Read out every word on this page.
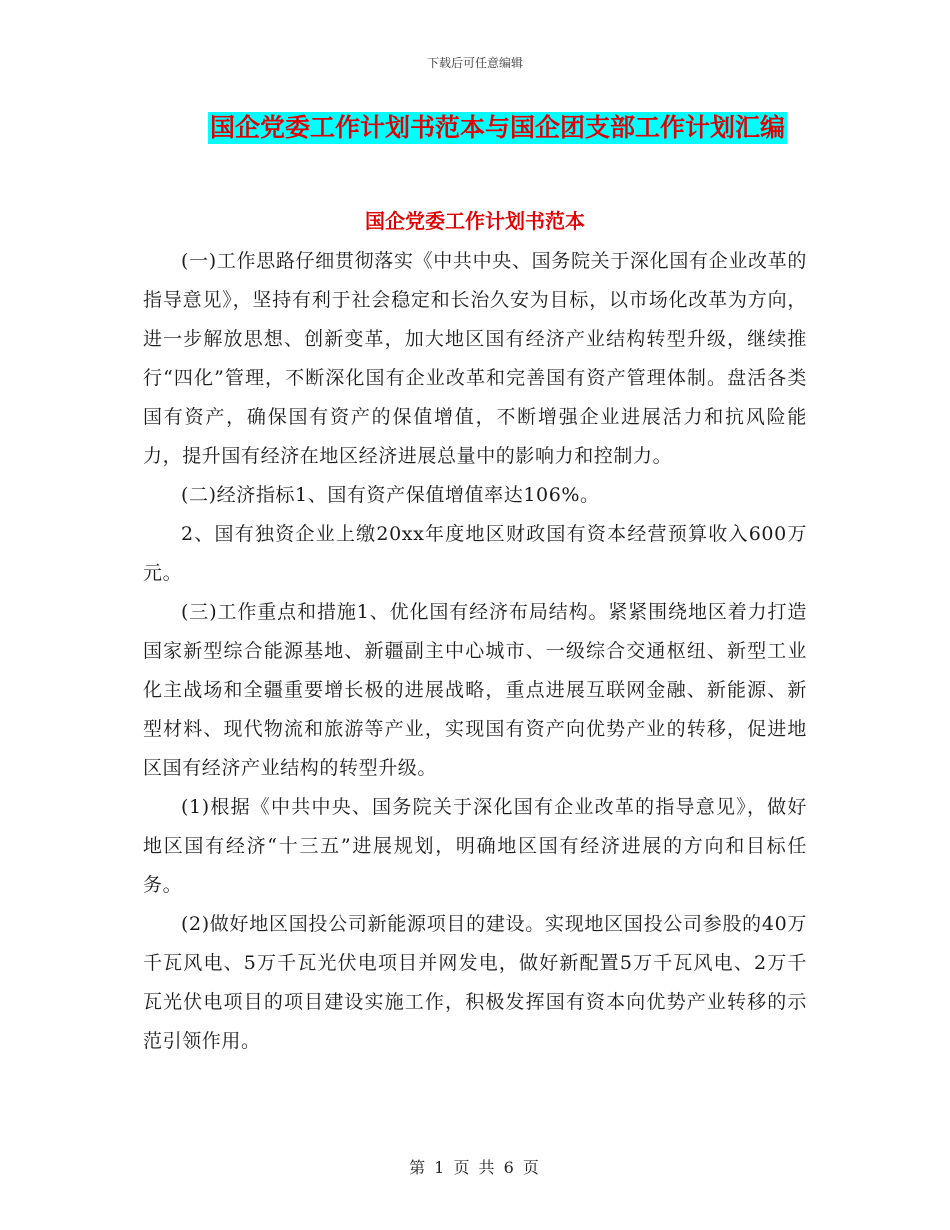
下载后可任意编辑
国企党委工作计划书范本与国企团支部工作计划汇编
国企党委工作计划书范本

(一)工作思路仔细贯彻落实《中共中央、国务院关于深化国有企业改革的指导意见》，坚持有利于社会稳定和长治久安为目标，以市场化改革为方向，进一步解放思想、创新变革，加大地区国有经济产业结构转型升级，继续推行“四化”管理，不断深化国有企业改革和完善国有资产管理体制。盘活各类国有资产，确保国有资产的保值增值，不断增强企业进展活力和抗风险能力，提升国有经济在地区经济进展总量中的影响力和控制力。

(二)经济指标1、国有资产保值增值率达106%。

2、国有独资企业上缴20xx年度地区财政国有资本经营预算收入600万元。

(三)工作重点和措施1、优化国有经济布局结构。紧紧围绕地区着力打造国家新型综合能源基地、新疆副主中心城市、一级综合交通枢纽、新型工业化主战场和全疆重要增长极的进展战略，重点进展互联网金融、新能源、新型材料、现代物流和旅游等产业，实现国有资产向优势产业的转移，促进地区国有经济产业结构的转型升级。

(1)根据《中共中央、国务院关于深化国有企业改革的指导意见》，做好地区国有经济“十三五”进展规划，明确地区国有经济进展的方向和目标任务。

(2)做好地区国投公司新能源项目的建设。实现地区国投公司参股的40万千瓦风电、5万千瓦光伏电项目并网发电，做好新配置5万千瓦风电、2万千瓦光伏电项目的项目建设实施工作，积极发挥国有资本向优势产业转移的示范引领作用。

第 1 页 共 6 页
